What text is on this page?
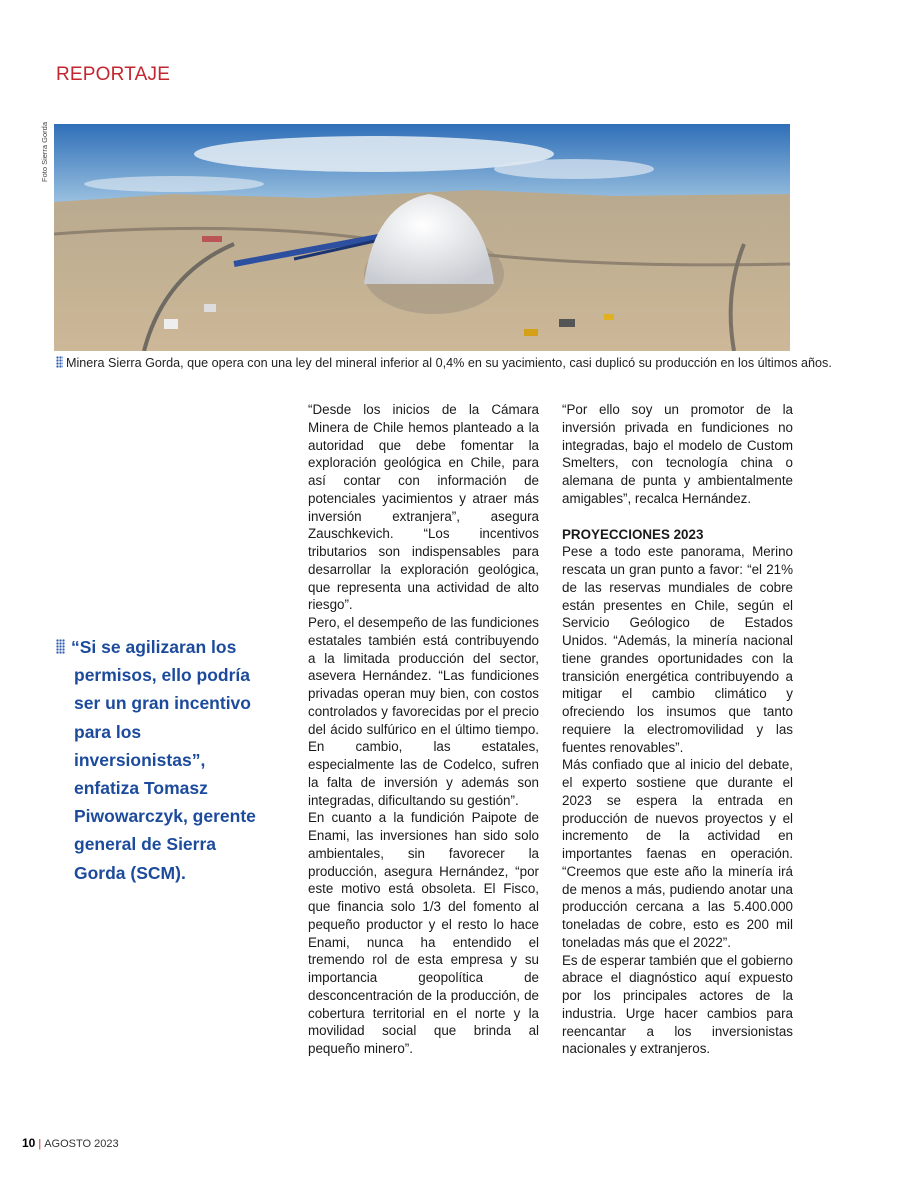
REPORTAJE
Foto Sierra Gorda
Minera Sierra Gorda, que opera con una ley del mineral inferior al 0,4% en su yacimiento, casi duplicó su producción en los últimos años.
“Si se agilizaran los permisos, ello podría ser un gran incentivo para los inversionistas”, enfatiza Tomasz Piwowarczyk, gerente general de Sierra Gorda (SCM).

“Desde los inicios de la Cámara Minera de Chile hemos planteado a la autoridad que debe fomentar la exploración geológica en Chile, para así contar con información de potenciales yacimientos y atraer más inversión extranjera”, asegura Zauschkevich. “Los incentivos tributarios son indispensables para desarrollar la exploración geológica, que representa una actividad de alto riesgo”.

Pero, el desempeño de las fundiciones estatales también está contribuyendo a la limitada producción del sector, asevera Hernández. “Las fundiciones privadas operan muy bien, con costos controlados y favorecidas por el precio del ácido sulfúrico en el último tiempo. En cambio, las estatales, especialmente las de Codelco, sufren la falta de inversión y además son integradas, dificultando su gestión”.

En cuanto a la fundición Paipote de Enami, las inversiones han sido solo ambientales, sin favorecer la producción, asegura Hernández, “por este motivo está obsoleta. El Fisco, que financia solo 1/3 del fomento al pequeño productor y el resto lo hace Enami, nunca ha entendido el tremendo rol de esta empresa y su importancia geopolítica de desconcentración de la producción, de cobertura territorial en el norte y la movilidad social que brinda al pequeño minero”.

“Por ello soy un promotor de la inversión privada en fundiciones no integradas, bajo el modelo de Custom Smelters, con tecnología china o alemana de punta y ambientalmente amigables”, recalca Hernández.

PROYECCIONES 2023

Pese a todo este panorama, Merino rescata un gran punto a favor: “el 21% de las reservas mundiales de cobre están presentes en Chile, según el Servicio Geólogico de Estados Unidos. “Además, la minería nacional tiene grandes oportunidades con la transición energética contribuyendo a mitigar el cambio climático y ofreciendo los insumos que tanto requiere la electromovilidad y las fuentes renovables”.

Más confiado que al inicio del debate, el experto sostiene que durante el 2023 se espera la entrada en producción de nuevos proyectos y el incremento de la actividad en importantes faenas en operación. “Creemos que este año la minería irá de menos a más, pudiendo anotar una producción cercana a las 5.400.000 toneladas de cobre, esto es 200 mil toneladas más que el 2022”.

Es de esperar también que el gobierno abrace el diagnóstico aquí expuesto por los principales actores de la industria. Urge hacer cambios para reencantar a los inversionistas nacionales y extranjeros.

10 | AGOSTO 2023
